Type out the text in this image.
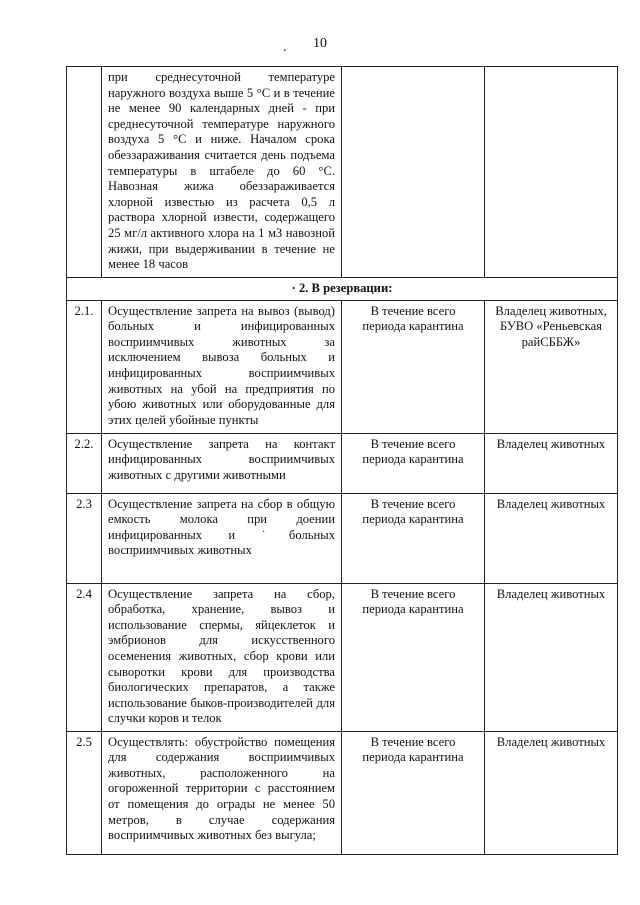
10
.
	при среднесуточной температуре наружного воздуха выше 5 °С и в течение не менее 90 календарных дней - при среднесуточной температуре наружного воздуха 5 °С и ниже. Началом срока обеззараживания считается день подъема температуры в штабеле до 60 °С. Навозная жижа обеззараживается хлорной известью из расчета 0,5 л раствора хлорной извести, содержащего 25 мг/л активного хлора на 1 м3 навозной жижи, при выдерживании в течение не менее 18 часов		
· 2. В резервации:			
2.1.	Осуществление запрета на вывоз (вывод) больных и инфицированных восприимчивых животных за исключением вывоза больных и инфицированных восприимчивых животных на убой на предприятия по убою животных или оборудованные для этих целей убойные пункты	В течение всего периода карантина	Владелец животных, БУВО «Реньевская райСББЖ»
2.2.	Осуществление запрета на контакт инфицированных восприимчивых животных с другими животными	В течение всего периода карантина	Владелец животных
2.3	Осуществление запрета на сбор в общую емкость молока при доении инфицированных и ˙больных восприимчивых животных	В течение всего периода карантина	Владелец животных
2.4	Осуществление запрета на сбор, обработка, хранение, вывоз и использование спермы, яйцеклеток и эмбрионов для искусственного осеменения животных, сбор крови или сыворотки крови для производства биологических препаратов, а также использование быков-производителей для случки коров и телок	В течение всего периода карантина	Владелец животных
2.5	Осуществлять: обустройство помещения для содержания восприимчивых животных, расположенного на огороженной территории с расстоянием от помещения до ограды не менее 50 метров, в случае содержания восприимчивых животных без выгула;	В течение всего периода карантина	Владелец животных
